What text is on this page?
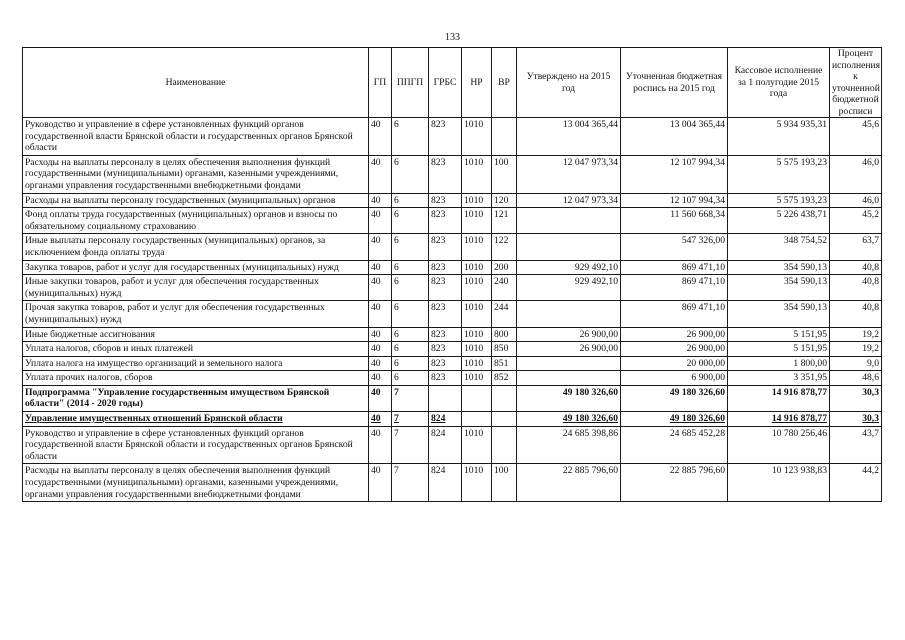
133
Наименование	ГП	ППГП	ГРБС	НР	ВР	Утверждено на 2015 год	Уточненная бюджетная роспись на 2015 год	Кассовое исполнение за 1 полугодие 2015 года	Процент исполнения к уточненной бюджетной росписи
Руководство и управление в сфере установленных функций органов государственной власти Брянской области и государственных органов Брянской области	40	6	823	1010		13 004 365,44	13 004 365,44	5 934 935,31	45,6
Расходы на выплаты персоналу в целях обеспечения выполнения функций государственными (муниципальными) органами, казенными учреждениями, органами управления государственными внебюджетными фондами	40	6	823	1010	100	12 047 973,34	12 107 994,34	5 575 193,23	46,0
Расходы на выплаты персоналу государственных (муниципальных) органов	40	6	823	1010	120	12 047 973,34	12 107 994,34	5 575 193,23	46,0
Фонд оплаты труда государственных (муниципальных) органов и взносы по обязательному социальному страхованию	40	6	823	1010	121		11 560 668,34	5 226 438,71	45,2
Иные выплаты персоналу государственных (муниципальных) органов, за исключением фонда оплаты труда	40	6	823	1010	122		547 326,00	348 754,52	63,7
Закупка товаров, работ и услуг для государственных (муниципальных) нужд	40	6	823	1010	200	929 492,10	869 471,10	354 590,13	40,8
Иные закупки товаров, работ и услуг для обеспечения государственных (муниципальных) нужд	40	6	823	1010	240	929 492,10	869 471,10	354 590,13	40,8
Прочая закупка товаров, работ и услуг для обеспечения государственных (муниципальных) нужд	40	6	823	1010	244		869 471,10	354 590,13	40,8
Иные бюджетные ассигнования	40	6	823	1010	800	26 900,00	26 900,00	5 151,95	19,2
Уплата налогов, сборов и иных платежей	40	6	823	1010	850	26 900,00	26 900,00	5 151,95	19,2
Уплата налога на имущество организаций и земельного налога	40	6	823	1010	851		20 000,00	1 800,00	9,0
Уплата прочих налогов, сборов	40	6	823	1010	852		6 900,00	3 351,95	48,6
Подпрограмма "Управление государственным имуществом Брянской области" (2014 - 2020 годы)	40	7				49 180 326,60	49 180 326,60	14 916 878,77	30,3
Управление имущественных отношений Брянской области	40	7	824			49 180 326,60	49 180 326,60	14 916 878,77	30,3
Руководство и управление в сфере установленных функций органов государственной власти Брянской области и государственных органов Брянской области	40	7	824	1010		24 685 398,86	24 685 452,28	10 780 256,46	43,7
Расходы на выплаты персоналу в целях обеспечения выполнения функций государственными (муниципальными) органами, казенными учреждениями, органами управления государственными внебюджетными фондами	40	7	824	1010	100	22 885 796,60	22 885 796,60	10 123 938,83	44,2
